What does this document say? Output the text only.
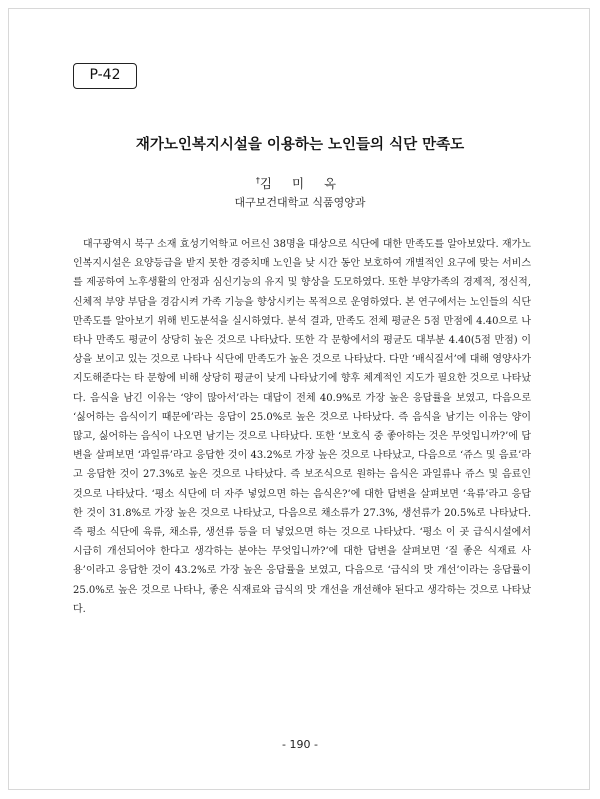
P-42
재가노인복지시설을 이용하는 노인들의 식단 만족도
†김 미 옥
대구보건대학교 식품영양과

대구광역시 북구 소재 효성기억학교 어르신 38명을 대상으로 식단에 대한 만족도를 알아보았다. 재가노인복지시설은 요양등급을 받지 못한 경증치매 노인을 낮 시간 동안 보호하여 개별적인 요구에 맞는 서비스를 제공하여 노후생활의 안정과 심신기능의 유지 및 향상을 도모하였다. 또한 부양가족의 경제적, 정신적, 신체적 부양 부담을 경감시켜 가족 기능을 향상시키는 목적으로 운영하였다. 본 연구에서는 노인들의 식단 만족도를 알아보기 위해 빈도분석을 실시하였다. 분석 결과, 만족도 전체 평균은 5점 만점에 4.40으로 나타나 만족도 평균이 상당히 높은 것으로 나타났다. 또한 각 문항에서의 평균도 대부분 4.40(5점 만점) 이상을 보이고 있는 것으로 나타나 식단에 만족도가 높은 것으로 나타났다. 다만 ‘배식질서’에 대해 영양사가 지도해준다는 타 문항에 비해 상당히 평균이 낮게 나타났기에 향후 체계적인 지도가 필요한 것으로 나타났다. 음식을 남긴 이유는 ‘양이 많아서’라는 대답이 전체 40.9%로 가장 높은 응답률을 보였고, 다음으로 ‘싫어하는 음식이기 때문에’라는 응답이 25.0%로 높은 것으로 나타났다. 즉 음식을 남기는 이유는 양이 많고, 싫어하는 음식이 나오면 남기는 것으로 나타났다. 또한 ‘보호식 중 좋아하는 것은 무엇입니까?’에 답변을 살펴보면 ‘과일류’라고 응답한 것이 43.2%로 가장 높은 것으로 나타났고, 다음으로 ‘쥬스 및 음료’라고 응답한 것이 27.3%로 높은 것으로 나타났다. 즉 보조식으로 원하는 음식은 과일류나 쥬스 및 음료인 것으로 나타났다. ‘평소 식단에 더 자주 넣었으면 하는 음식은?’에 대한 답변을 살펴보면 ‘육류’라고 응답한 것이 31.8%로 가장 높은 것으로 나타났고, 다음으로 채소류가 27.3%, 생선류가 20.5%로 나타났다. 즉 평소 식단에 육류, 채소류, 생선류 등을 더 넣었으면 하는 것으로 나타났다. ‘평소 이 곳 급식시설에서 시급히 개선되어야 한다고 생각하는 분야는 무엇입니까?’에 대한 답변을 살펴보면 ‘질 좋은 식재료 사용’이라고 응답한 것이 43.2%로 가장 높은 응답률을 보였고, 다음으로 ‘급식의 맛 개선’이라는 응답률이 25.0%로 높은 것으로 나타나, 좋은 식재료와 급식의 맛 개선을 개선해야 된다고 생각하는 것으로 나타났다.

- 190 -
